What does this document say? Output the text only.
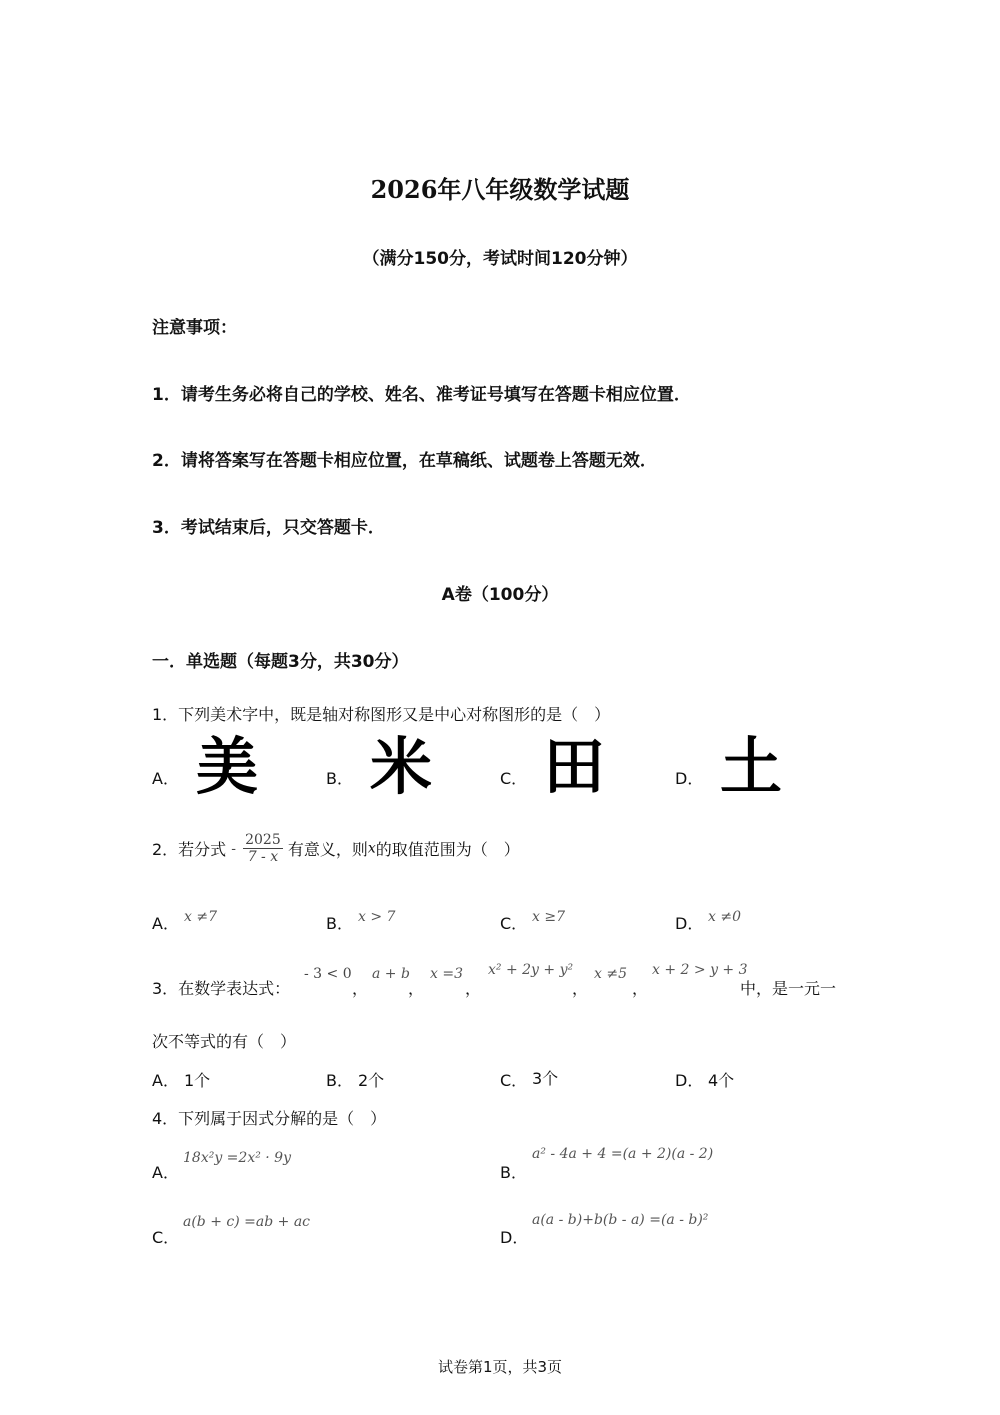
2026年八年级数学试题
（满分150分，考试时间120分钟）
注意事项：
1．请考生务必将自己的学校、姓名、准考证号填写在答题卡相应位置．
2．请将答案写在答题卡相应位置，在草稿纸、试题卷上答题无效．
3．考试结束后，只交答题卡．
A卷（100分）
一．单选题（每题3分，共30分）
1．下列美术字中，既是轴对称图形又是中心对称图形的是（　）
A． 美	B． 米	C． 田	D． 土
2．若分式 - $\frac{2025}{7 - x}$ 有意义，则x的取值范围为（　）
A． x ≠7	B． x > 7	C． x ≥7	D． x ≠0
3．在数学表达式：
- 3 < 0
，
a + b
，
x =3
，
x² + 2y + y²
，
x ≠5
，
x + 2 > y + 3
中，是一元一
次不等式的有（　）
A． 1个	B． 2个	C． 3个	D． 4个
4．下列属于因式分解的是（　）
A．
18x²y =2x² · 9y
B．
a² - 4a + 4 =(a + 2)(a - 2)
C．
a(b + c) =ab + ac
D．
a(a - b)+b(b - a) =(a - b)²
试卷第1页，共3页
